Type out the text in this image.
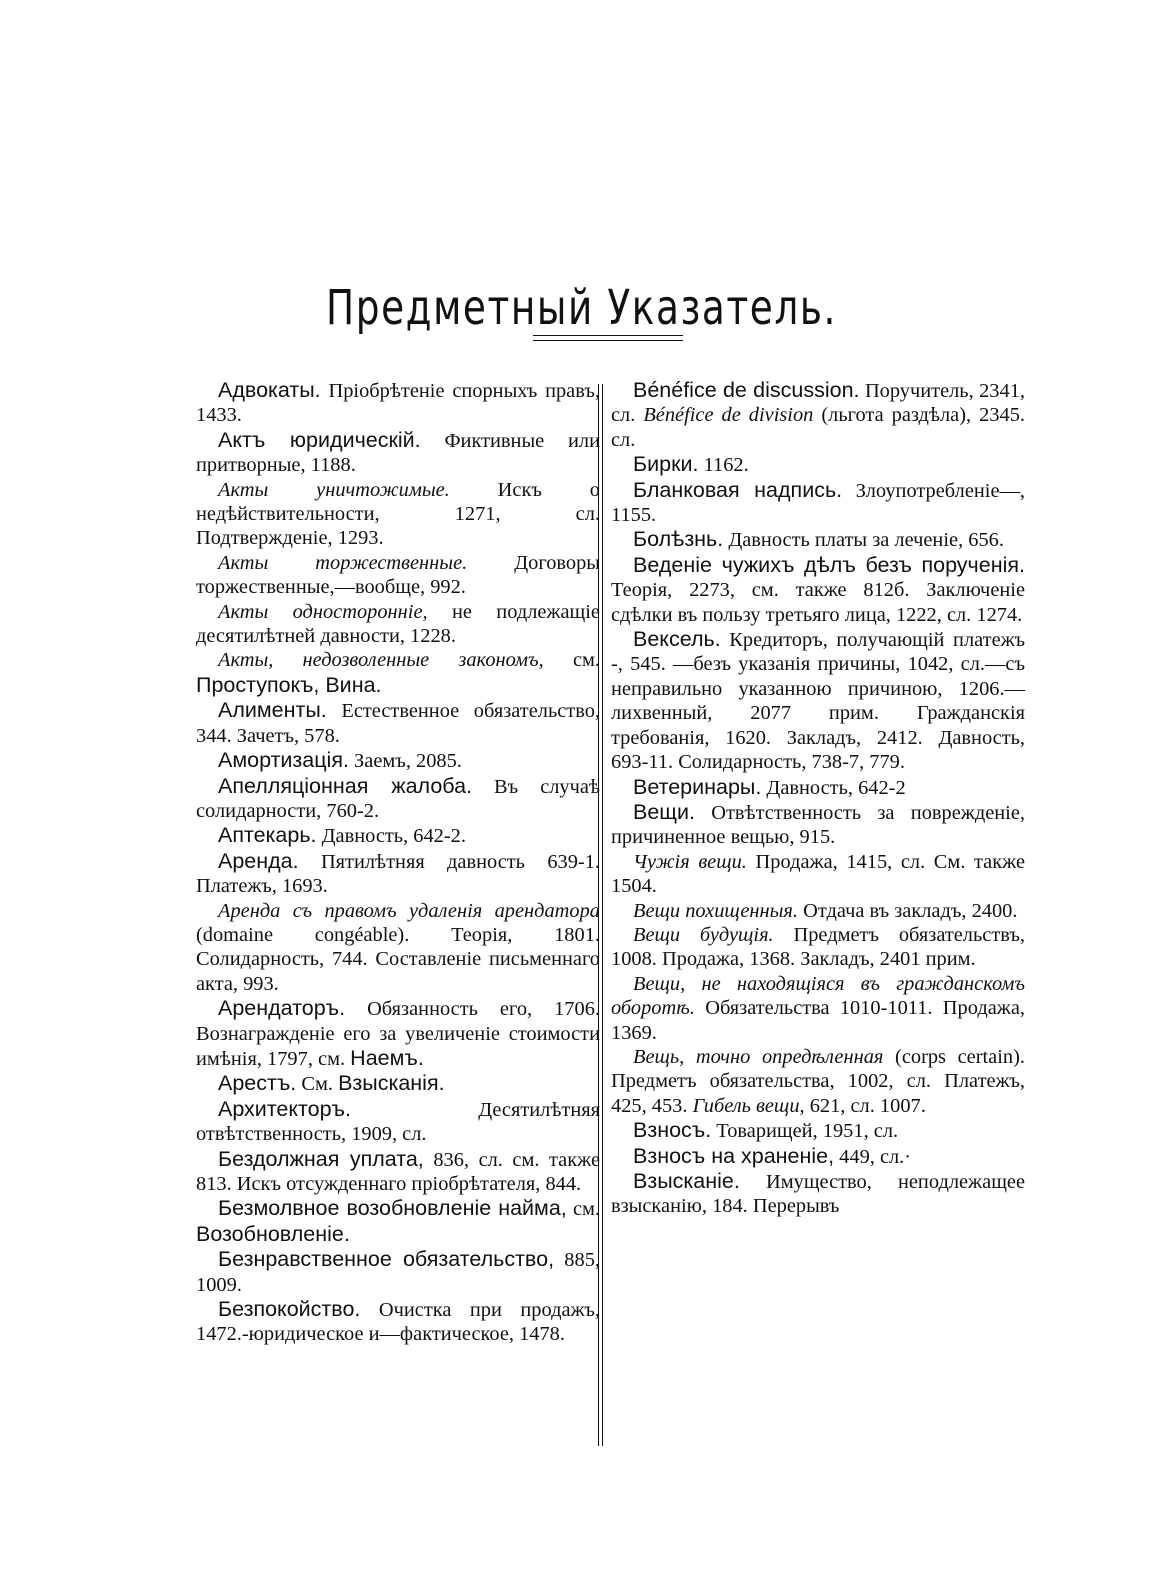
Предметный Указатель.

Адвокаты. Пріобрѣтеніе спорныхъ правъ, 1433.

Актъ юридическій. Фиктивные или притворные, 1188.

Акты уничтожимые. Искъ о недѣйствительности, 1271, сл. Подтвержденіе, 1293.

Акты торжественные. Договоры торжественные,—вообще, 992.

Акты односторонніе, не подлежащіе десятилѣтней давности, 1228.

Акты, недозволенные закономъ, см. Проступокъ, Вина.

Алименты. Естественное обязательство, 344. Зачетъ, 578.

Амортизація. Заемъ, 2085.

Апелляціонная жалоба. Въ случаѣ солидарности, 760-2.

Аптекарь. Давность, 642-2.

Аренда. Пятилѣтняя давность 639-1. Платежъ, 1693.

Аренда съ правомъ удаленія арендатора (domaine congéable). Теорія, 1801. Солидарность, 744. Составленіе письменнаго акта, 993.

Арендаторъ. Обязанность его, 1706. Вознагражденіе его за увеличеніе стоимости имѣнія, 1797, см. Наемъ.

Арестъ. См. Взысканія.

Архитекторъ. Десятилѣтняя отвѣтственность, 1909, сл.

Бездолжная уплата, 836, сл. см. также 813. Искъ отсужденнаго пріобрѣтателя, 844.

Безмолвное возобновленіе найма, см. Возобновленіе.

Безнравственное обязательство, 885, 1009.

Безпокойство. Очистка при продажъ, 1472.-юридическое и—фактическое, 1478.

Bénéfice de discussion. Поручитель, 2341, сл. Bénéfice de division (льгота раздѣла), 2345. сл.

Бирки. 1162.

Бланковая надпись. Злоупотребленіе—, 1155.

Болѣзнь. Давность платы за леченіе, 656.

Веденіе чужихъ дѣлъ безъ порученія. Теорія, 2273, см. также 812б. Заключеніе сдѣлки въ пользу третьяго лица, 1222, сл. 1274.

Вексель. Кредиторъ, получающій платежъ -, 545. —безъ указанія причины, 1042, сл.—съ неправильно указанною причиною, 1206.—лихвенный, 2077 прим. Гражданскія требованія, 1620. Закладъ, 2412. Давность, 693-11. Солидарность, 738-7, 779.

Ветеринары. Давность, 642-2

Вещи. Отвѣтственность за поврежденіе, причиненное вещью, 915.

Чужія вещи. Продажа, 1415, сл. См. также 1504.

Вещи похищенныя. Отдача въ закладъ, 2400.

Вещи будущія. Предметъ обязательствъ, 1008. Продажа, 1368. Закладъ, 2401 прим.

Вещи, не находящіяся въ гражданскомъ оборотѣ. Обязательства 1010-1011. Продажа, 1369.

Вещь, точно опредѣленная (corps certain). Предметъ обязательства, 1002, сл. Платежъ, 425, 453. Гибель вещи, 621, сл. 1007.

Взносъ. Товарищей, 1951, сл.

Взносъ на храненіе, 449, сл.·

Взысканіе. Имущество, неподлежащее взысканію, 184. Перерывъ
